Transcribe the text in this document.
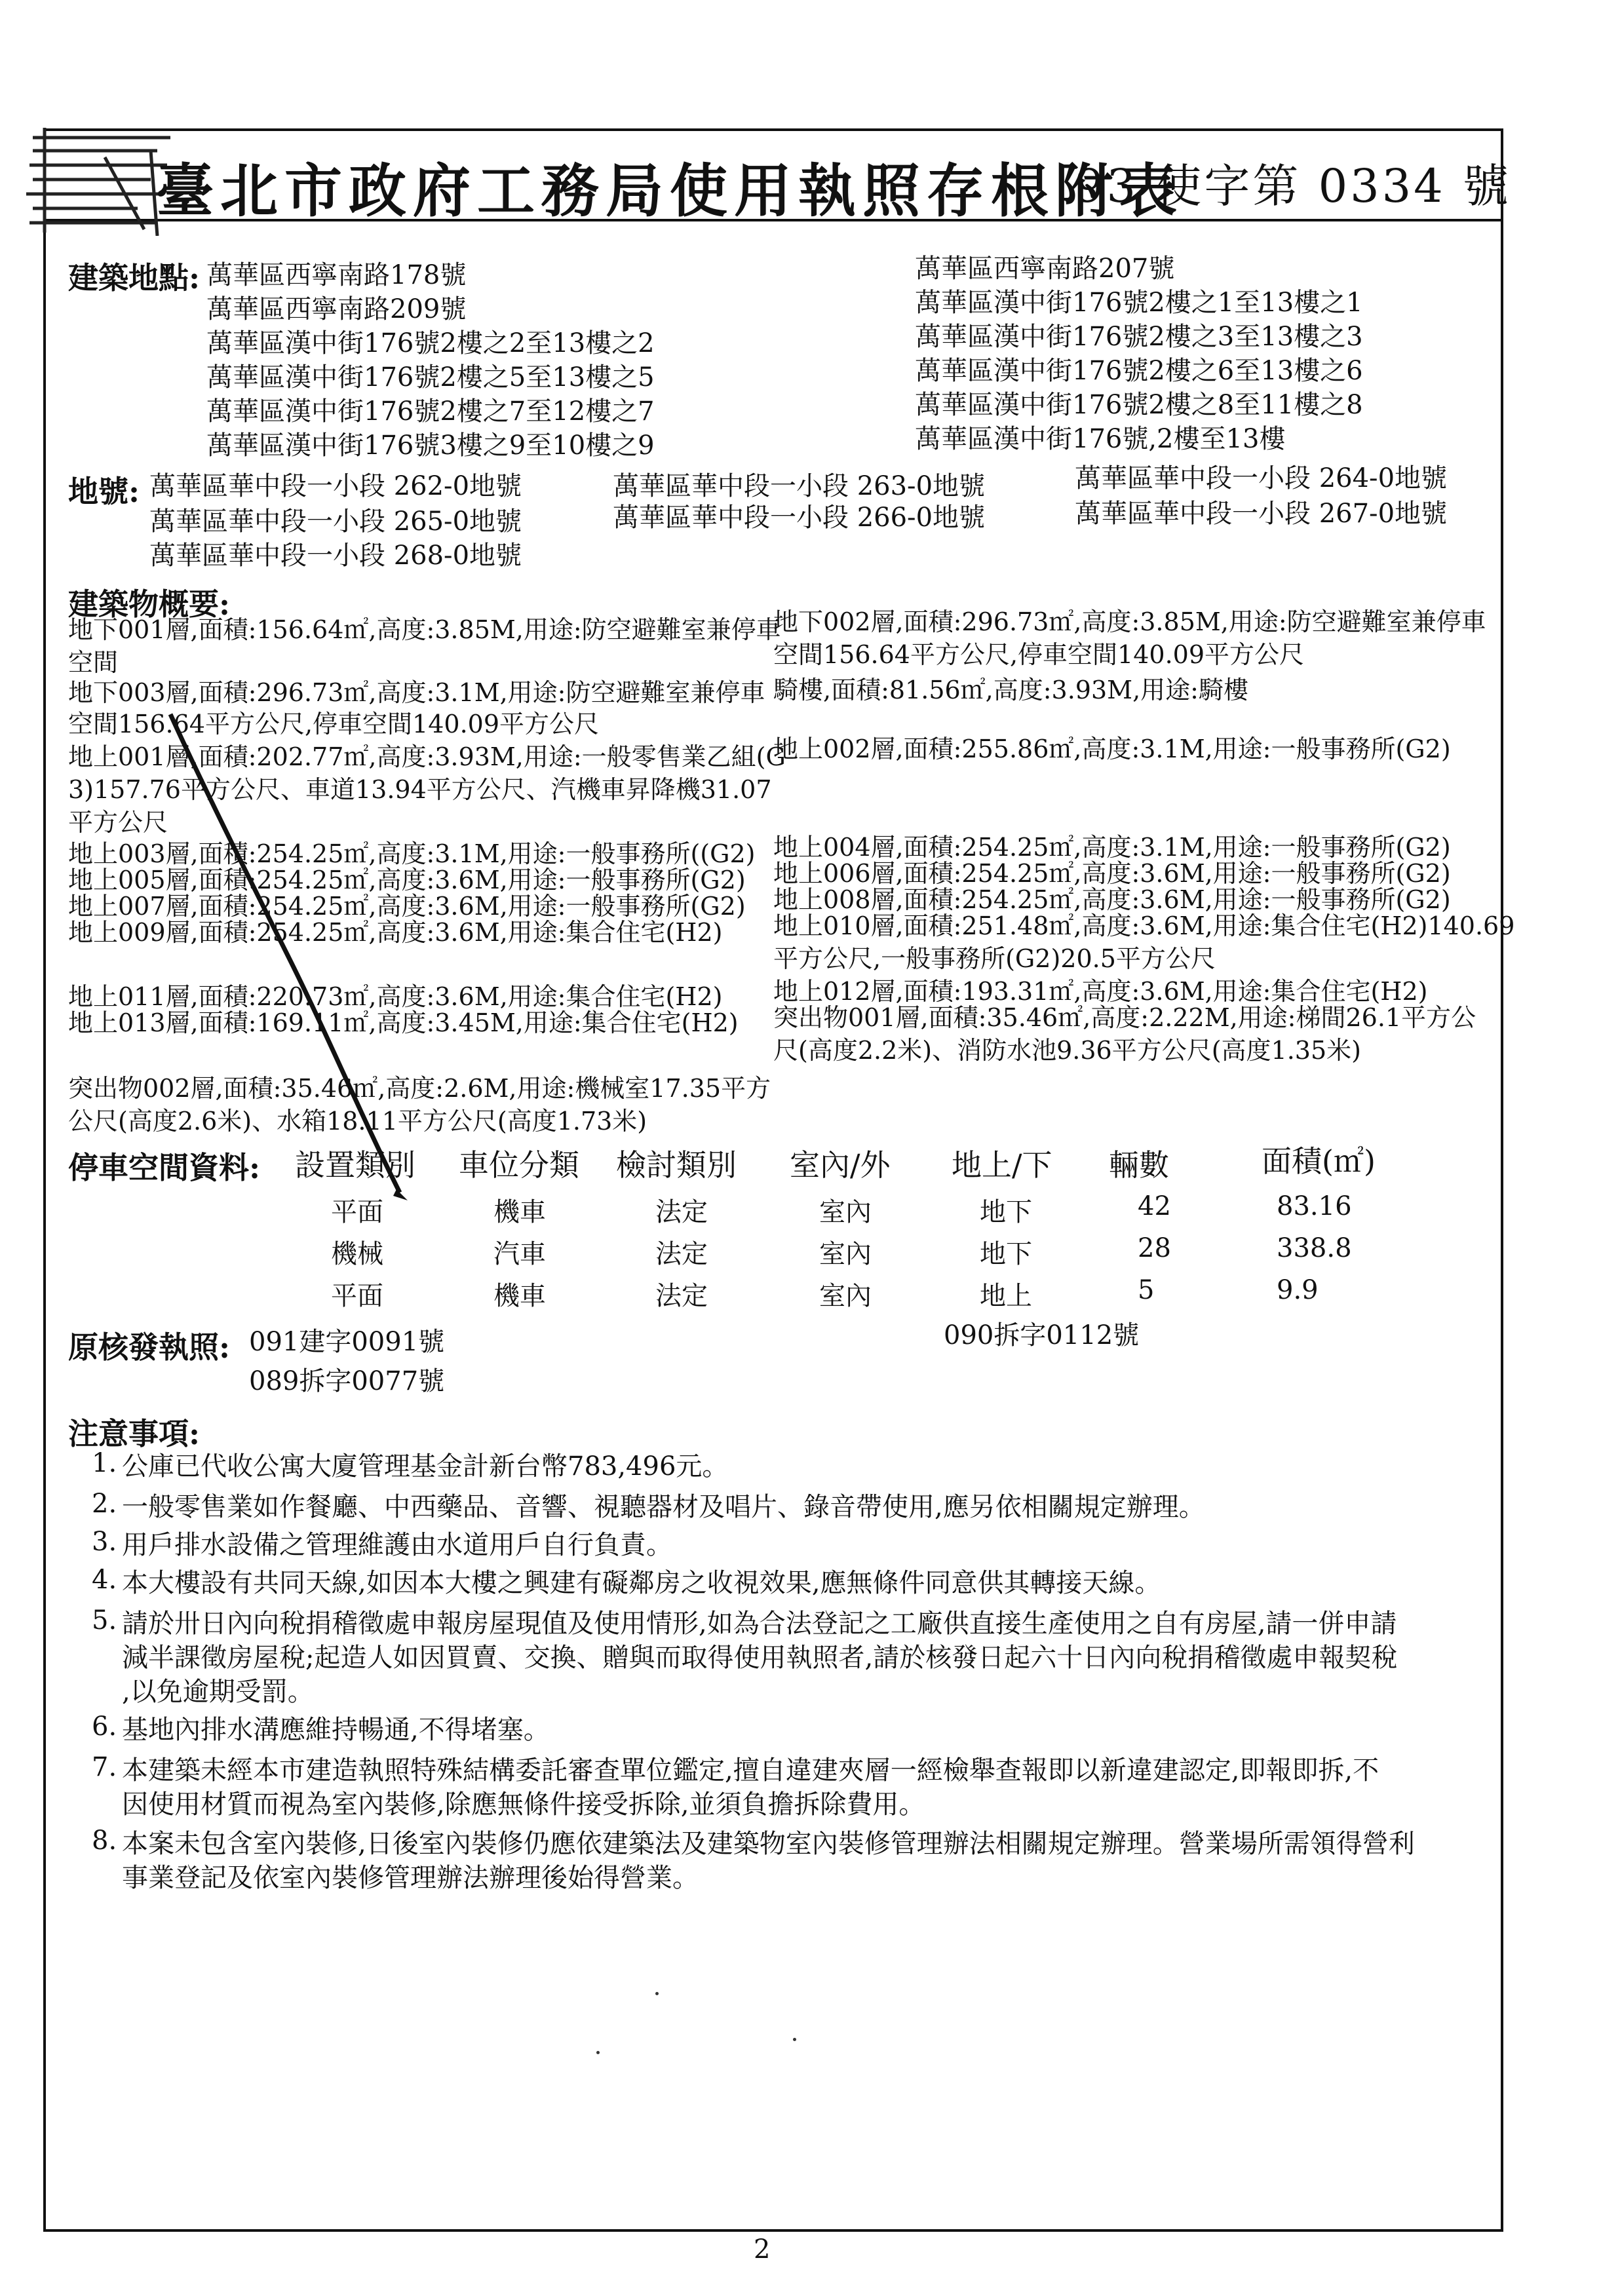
臺北市政府工務局使用執照存根附表
93 使字第 0334 號
建築地點: 萬華區西寧南路178號
萬華區西寧南路209號
萬華區漢中街176號2樓之2至13樓之2
萬華區漢中街176號2樓之5至13樓之5
萬華區漢中街176號2樓之7至12樓之7
萬華區漢中街176號3樓之9至10樓之9
萬華區西寧南路207號
萬華區漢中街176號2樓之1至13樓之1
萬華區漢中街176號2樓之3至13樓之3
萬華區漢中街176號2樓之6至13樓之6
萬華區漢中街176號2樓之8至11樓之8
萬華區漢中街176號,2樓至13樓
地號: 萬華區華中段一小段 262-0地號	萬華區華中段一小段 263-0地號	萬華區華中段一小段 264-0地號
萬華區華中段一小段 265-0地號	萬華區華中段一小段 266-0地號	萬華區華中段一小段 267-0地號
萬華區華中段一小段 268-0地號
建築物概要:
地下001層,面積:156.64㎡,高度:3.85M,用途:防空避難室兼停車
空間
地下003層,面積:296.73㎡,高度:3.1M,用途:防空避難室兼停車
空間156.64平方公尺,停車空間140.09平方公尺
地上001層,面積:202.77㎡,高度:3.93M,用途:一般零售業乙組(G
3)157.76平方公尺、車道13.94平方公尺、汽機車昇降機31.07
平方公尺
地上003層,面積:254.25㎡,高度:3.1M,用途:一般事務所((G2)
地上005層,面積:254.25㎡,高度:3.6M,用途:一般事務所(G2)
地上007層,面積:254.25㎡,高度:3.6M,用途:一般事務所(G2)
地上009層,面積:254.25㎡,高度:3.6M,用途:集合住宅(H2)
地上011層,面積:220.73㎡,高度:3.6M,用途:集合住宅(H2)
地上013層,面積:169.11㎡,高度:3.45M,用途:集合住宅(H2)
突出物002層,面積:35.46㎡,高度:2.6M,用途:機械室17.35平方
公尺(高度2.6米)、水箱18.11平方公尺(高度1.73米)
地下002層,面積:296.73㎡,高度:3.85M,用途:防空避難室兼停車
空間156.64平方公尺,停車空間140.09平方公尺
騎樓,面積:81.56㎡,高度:3.93M,用途:騎樓
地上002層,面積:255.86㎡,高度:3.1M,用途:一般事務所(G2)
地上004層,面積:254.25㎡,高度:3.1M,用途:一般事務所(G2)
地上006層,面積:254.25㎡,高度:3.6M,用途:一般事務所(G2)
地上008層,面積:254.25㎡,高度:3.6M,用途:一般事務所(G2)
地上010層,面積:251.48㎡,高度:3.6M,用途:集合住宅(H2)140.69
平方公尺,一般事務所(G2)20.5平方公尺
地上012層,面積:193.31㎡,高度:3.6M,用途:集合住宅(H2)
突出物001層,面積:35.46㎡,高度:2.22M,用途:梯間26.1平方公
尺(高度2.2米)、消防水池9.36平方公尺(高度1.35米)
停車空間資料: 設置類別 車位分類 檢討類別 室內/外 地上/下 輛數	面積(㎡)
平面	機車	法定	室內	地下	42	83.16
機械	汽車	法定	室內	地下	28	338.8
平面	機車	法定	室內	地上	5	9.9
原核發執照: 091建字0091號	090拆字0112號
089拆字0077號
注意事項:
1. 公庫已代收公寓大廈管理基金計新台幣783,496元。
2. 一般零售業如作餐廳、中西藥品、音響、視聽器材及唱片、錄音帶使用,應另依相關規定辦理。
3. 用戶排水設備之管理維護由水道用戶自行負責。
4. 本大樓設有共同天線,如因本大樓之興建有礙鄰房之收視效果,應無條件同意供其轉接天線。
5. 請於卅日內向稅捐稽徵處申報房屋現值及使用情形,如為合法登記之工廠供直接生產使用之自有房屋,請一併申請
減半課徵房屋稅;起造人如因買賣、交換、贈與而取得使用執照者,請於核發日起六十日內向稅捐稽徵處申報契稅
,以免逾期受罰。
6. 基地內排水溝應維持暢通,不得堵塞。
7. 本建築未經本市建造執照特殊結構委託審查單位鑑定,擅自違建夾層一經檢舉查報即以新違建認定,即報即拆,不
因使用材質而視為室內裝修,除應無條件接受拆除,並須負擔拆除費用。
8. 本案未包含室內裝修,日後室內裝修仍應依建築法及建築物室內裝修管理辦法相關規定辦理。營業場所需領得營利
事業登記及依室內裝修管理辦法辦理後始得營業。
2
